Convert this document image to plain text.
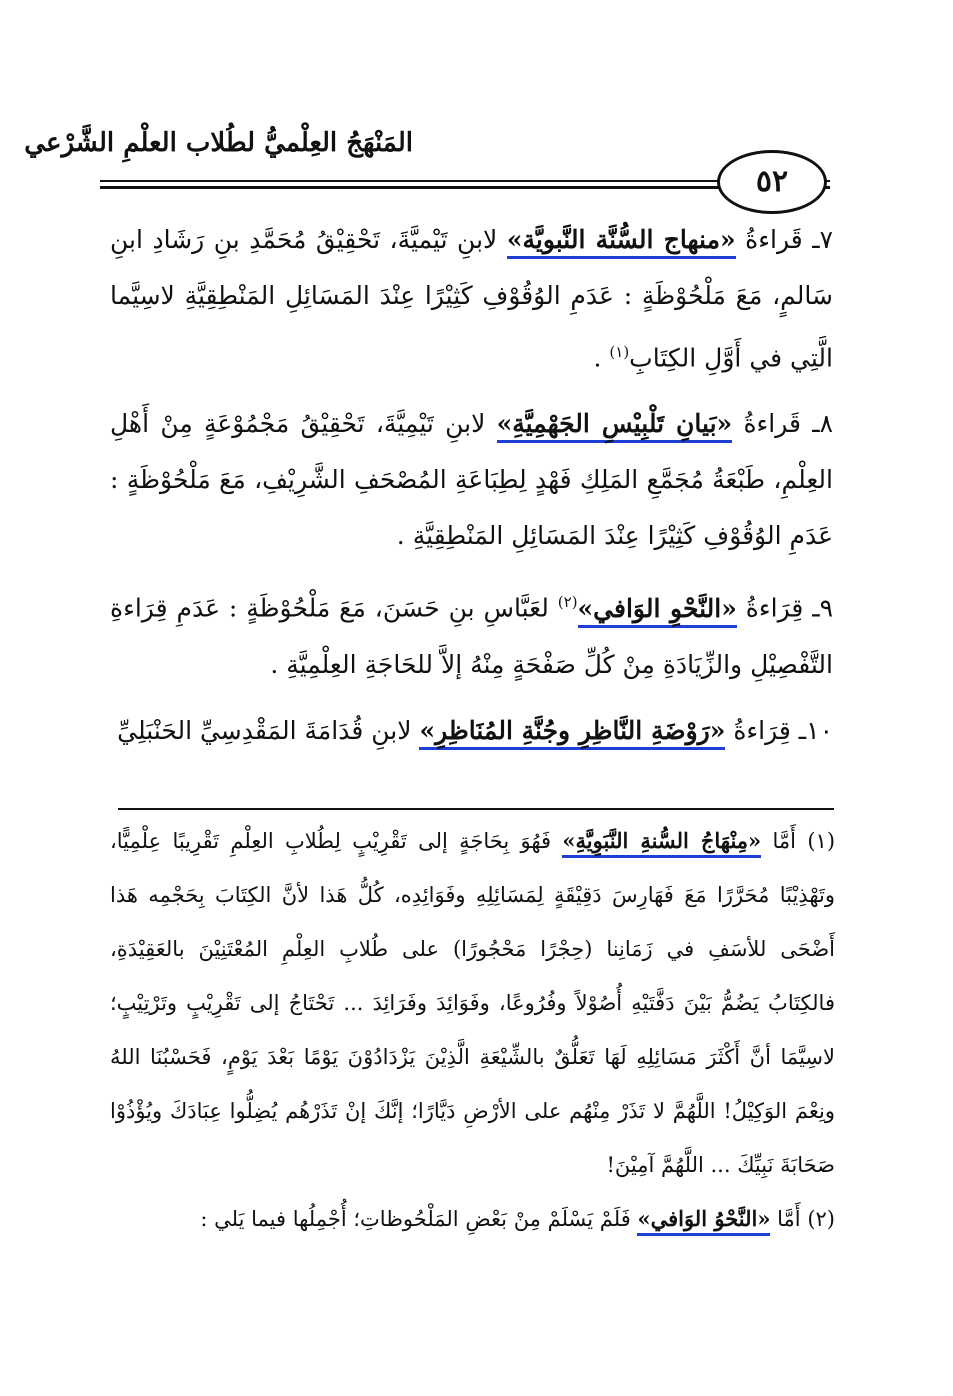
المَنْهَجُ العِلْميُّ لطُلاب العلْمِ الشَّرْعي
٥٢

٧ـ قَراءةُ «منهاج السُّنَّة النَّبويَّة» لابنِ تَيْميَّةَ، تَحْقِيْقُ مُحَمَّدِ بنِ رَشَادِ ابنِ سَالمٍ، مَعَ مَلْحُوْظَةٍ : عَدَمِ الوُقُوْفِ كَثِيْرًا عِنْدَ المَسَائِلِ المَنْطِقِيَّةِ لاسِيَّما الَّتِي في أَوَّلِ الكِتَابِ$^{(١)}$ .

٨ـ قَراءةُ «بَيانِ تَلْبِيْسِ الجَهْمِيَّةِ» لابنِ تَيْمِيَّةَ، تَحْقِيْقُ مَجْمُوْعَةٍ مِنْ أَهْلِ العِلْمِ، طَبْعَةُ مُجَمَّعِ المَلِكِ فَهْدٍ لِطِبَاعَةِ المُصْحَفِ الشَّرِيْفِ، مَعَ مَلْحُوْظَةٍ : عَدَمِ الوُقُوْفِ كَثِيْرًا عِنْدَ المَسَائِلِ المَنْطِقِيَّةِ .

٩ـ قِرَاءةُ «النَّحْوِ الوَافي»$^{(٢)}$ لعَبَّاسِ بنِ حَسَنَ، مَعَ مَلْحُوْظَةٍ : عَدَمِ قِرَاءةِ التَّفْصِيْلِ والزِّيَادَةِ مِنْ كُلِّ صَفْحَةٍ مِنْهُ إلاَّ للحَاجَةِ العِلْمِيَّةِ .

١٠ـ قِرَاءةُ «رَوْضَةِ النَّاظِرِ وجُنَّةِ المُنَاظِرِ» لابنِ قُدَامَةَ المَقْدِسِيِّ الحَنْبَلِيِّ

(١) أَمَّا «مِنْهَاجُ السُّنةِ النَّبَوِيَّةِ» فَهُوَ بِحَاجَةٍ إلى تَقْرِيْبٍ لِطُلابِ العِلْمِ تَقْرِيبًا عِلْمِيًّا، وتَهْذِيْبًا مُحَرَّرًا مَعَ فَهَارِسَ دَقِيْقَةٍ لِمَسَائِلِهِ وفَوَائِدِه، كُلُّ هَذا لأنَّ الكِتَابَ بِحَجْمِه هَذا أَضْحَى للأسَفِ في زَمَانِنا (حِجْرًا مَحْجُورًا) على طُلابِ العِلْمِ المُعْتَنِيْنَ بالعَقِيْدَةِ، فالكِتَابُ يَضُمُّ بَيْنَ دَفَّتَيْهِ أُصُوْلاً وفُرُوعًا، وفَوَائِدَ وفَرَائِدَ ... تَحْتَاجُ إلى تَقْرِيْبٍ وتَرْتِيْبٍ؛ لاسِيَّمَا أنَّ أَكْثَرَ مَسَائِلِهِ لَهَا تَعَلُّقٌ بالشِّيْعَةِ الَّذِيْنَ يَزْدَادُوْنَ يَوْمًا بَعْدَ يَوْمٍ، فَحَسْبُنَا اللهُ ونِعْمَ الوَكِيْلُ! اللَّهُمَّ لا تَذَرْ مِنْهُم على الأرْضِ دَيَّارًا؛ إنَّكَ إنْ تَذَرْهُم يُضِلُّوا عِبَادَكَ ويُؤْذُوْا صَحَابَةَ نَبِيِّكَ ... اللَّهُمَّ آمِيْنَ!

(٢) أَمَّا «النَّحْوُ الوَافي» فَلَمْ يَسْلَمْ مِنْ بَعْضِ المَلْحُوظاتِ؛ أُجْمِلُها فيما يَلي :
